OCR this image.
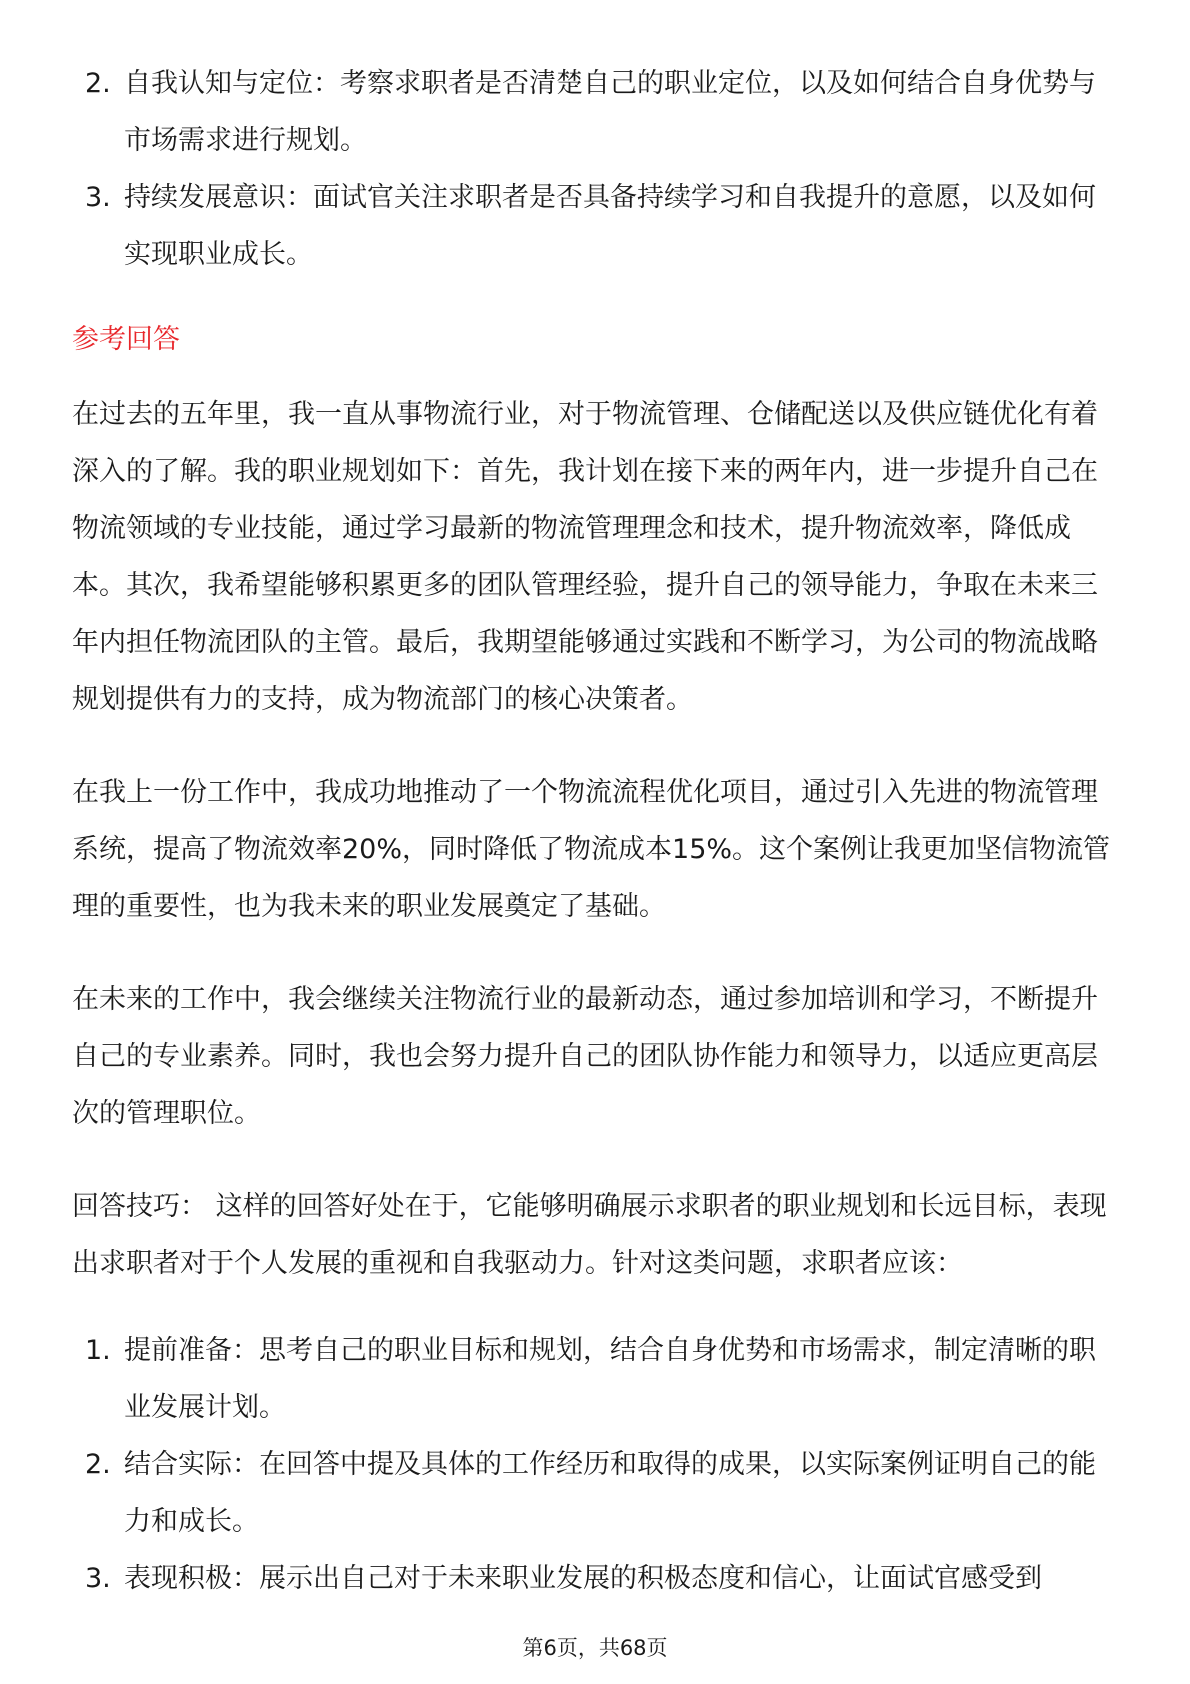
2. 自我认知与定位：考察求职者是否清楚自己的职业定位，以及如何结合自身优势与市场需求进行规划。
3. 持续发展意识：面试官关注求职者是否具备持续学习和自我提升的意愿，以及如何实现职业成长。
参考回答

在过去的五年里，我一直从事物流行业，对于物流管理、仓储配送以及供应链优化有着深入的了解。我的职业规划如下：首先，我计划在接下来的两年内，进一步提升自己在物流领域的专业技能，通过学习最新的物流管理理念和技术，提升物流效率，降低成本。其次，我希望能够积累更多的团队管理经验，提升自己的领导能力，争取在未来三年内担任物流团队的主管。最后，我期望能够通过实践和不断学习，为公司的物流战略规划提供有力的支持，成为物流部门的核心决策者。

在我上一份工作中，我成功地推动了一个物流流程优化项目，通过引入先进的物流管理系统，提高了物流效率20%，同时降低了物流成本15%。这个案例让我更加坚信物流管理的重要性，也为我未来的职业发展奠定了基础。

在未来的工作中，我会继续关注物流行业的最新动态，通过参加培训和学习，不断提升自己的专业素养。同时，我也会努力提升自己的团队协作能力和领导力，以适应更高层次的管理职位。

回答技巧： 这样的回答好处在于，它能够明确展示求职者的职业规划和长远目标，表现出求职者对于个人发展的重视和自我驱动力。针对这类问题，求职者应该：

1. 提前准备：思考自己的职业目标和规划，结合自身优势和市场需求，制定清晰的职业发展计划。
2. 结合实际：在回答中提及具体的工作经历和取得的成果，以实际案例证明自己的能力和成长。
3. 表现积极：展示出自己对于未来职业发展的积极态度和信心，让面试官感受到
第6页，共68页
